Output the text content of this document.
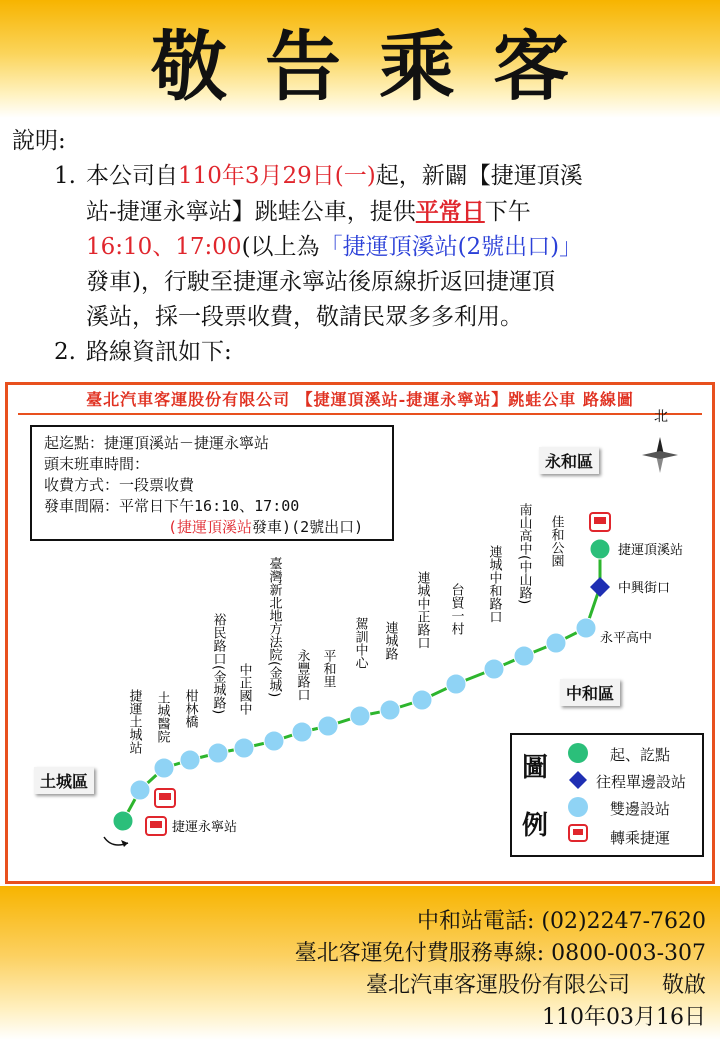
敬告乘客
說明:
1. 本公司自110年3月29日(一)起，新闢【捷運頂溪
站-捷運永寧站】跳蛙公車，提供平常日下午
16:10、17:00(以上為「捷運頂溪站(2號出口)」
發車)，行駛至捷運永寧站後原線折返回捷運頂
溪站，採一段票收費，敬請民眾多多利用。
2. 路線資訊如下:
臺北汽車客運股份有限公司 【捷運頂溪站-捷運永寧站】跳蛙公車 路線圖
起迄點：捷運頂溪站－捷運永寧站
頭末班車時間：
收費方式：一段票收費
發車間隔：平常日下午16:10、17:00
(捷運頂溪站發車)(2號出口)
永和區
中和區
土城區
北
捷運頂溪站
中興街口
永平高中
捷運永寧站
佳和公園
南山高中(中山路)
連城中和路口
台貿一村
連城中正路口
連城路
駕訓中心
平和里
永豐路口
臺灣新北地方法院(金城)
中正國中
裕民路口(金城路)
柑林橋
土城醫院
捷運土城站
圖
例
起、訖點
往程單邊設站
雙邊設站
轉乘捷運
中和站電話: (02)2247-7620
臺北客運免付費服務專線: 0800-003-307
臺北汽車客運股份有限公司 敬啟
110年03月16日
